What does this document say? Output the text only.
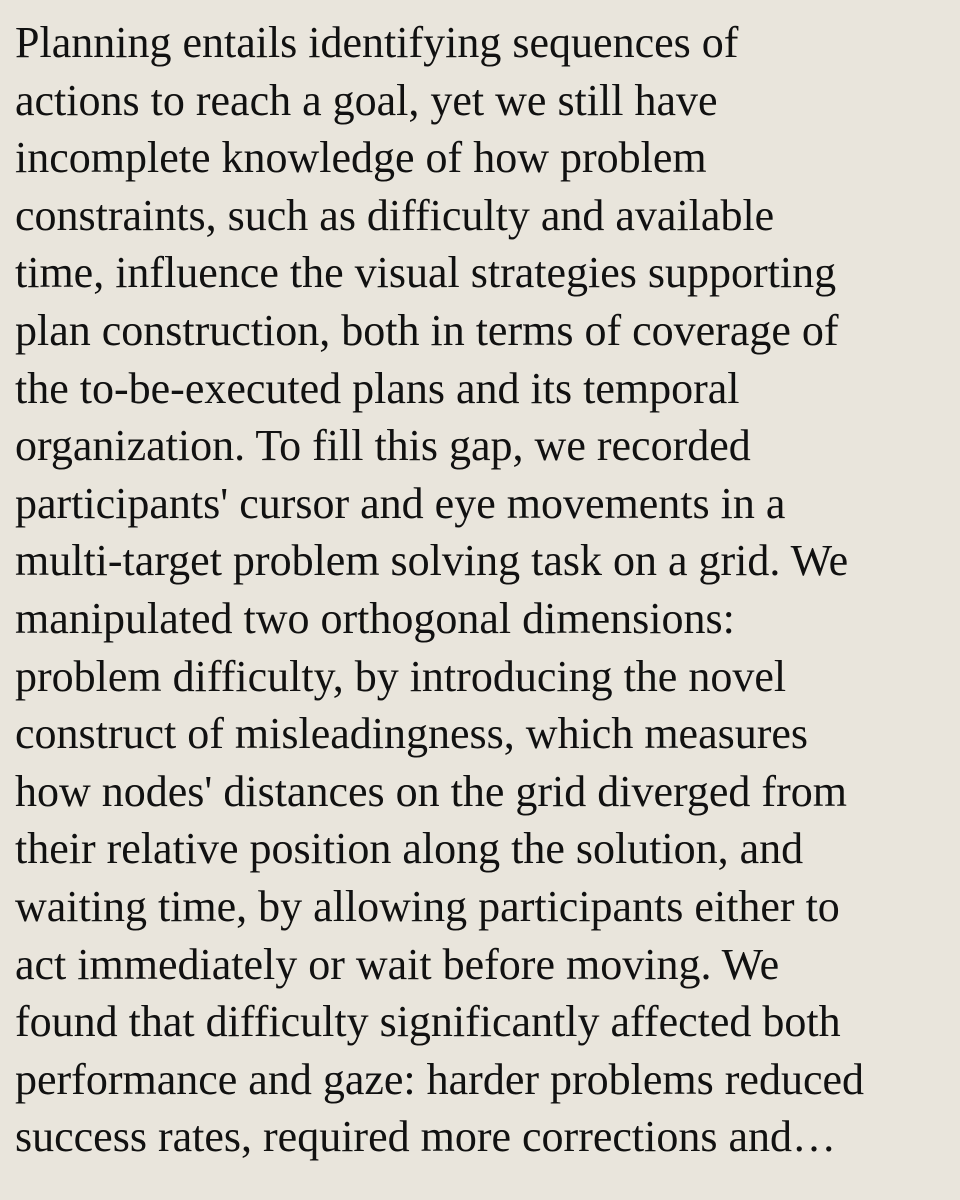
Planning entails identifying sequences of
actions to reach a goal, yet we still have
incomplete knowledge of how problem
constraints, such as difficulty and available
time, influence the visual strategies supporting
plan construction, both in terms of coverage of
the to-be-executed plans and its temporal
organization. To fill this gap, we recorded
participants' cursor and eye movements in a
multi-target problem solving task on a grid. We
manipulated two orthogonal dimensions:
problem difficulty, by introducing the novel
construct of misleadingness, which measures
how nodes' distances on the grid diverged from
their relative position along the solution, and
waiting time, by allowing participants either to
act immediately or wait before moving. We
found that difficulty significantly affected both
performance and gaze: harder problems reduced
success rates, required more corrections and…
